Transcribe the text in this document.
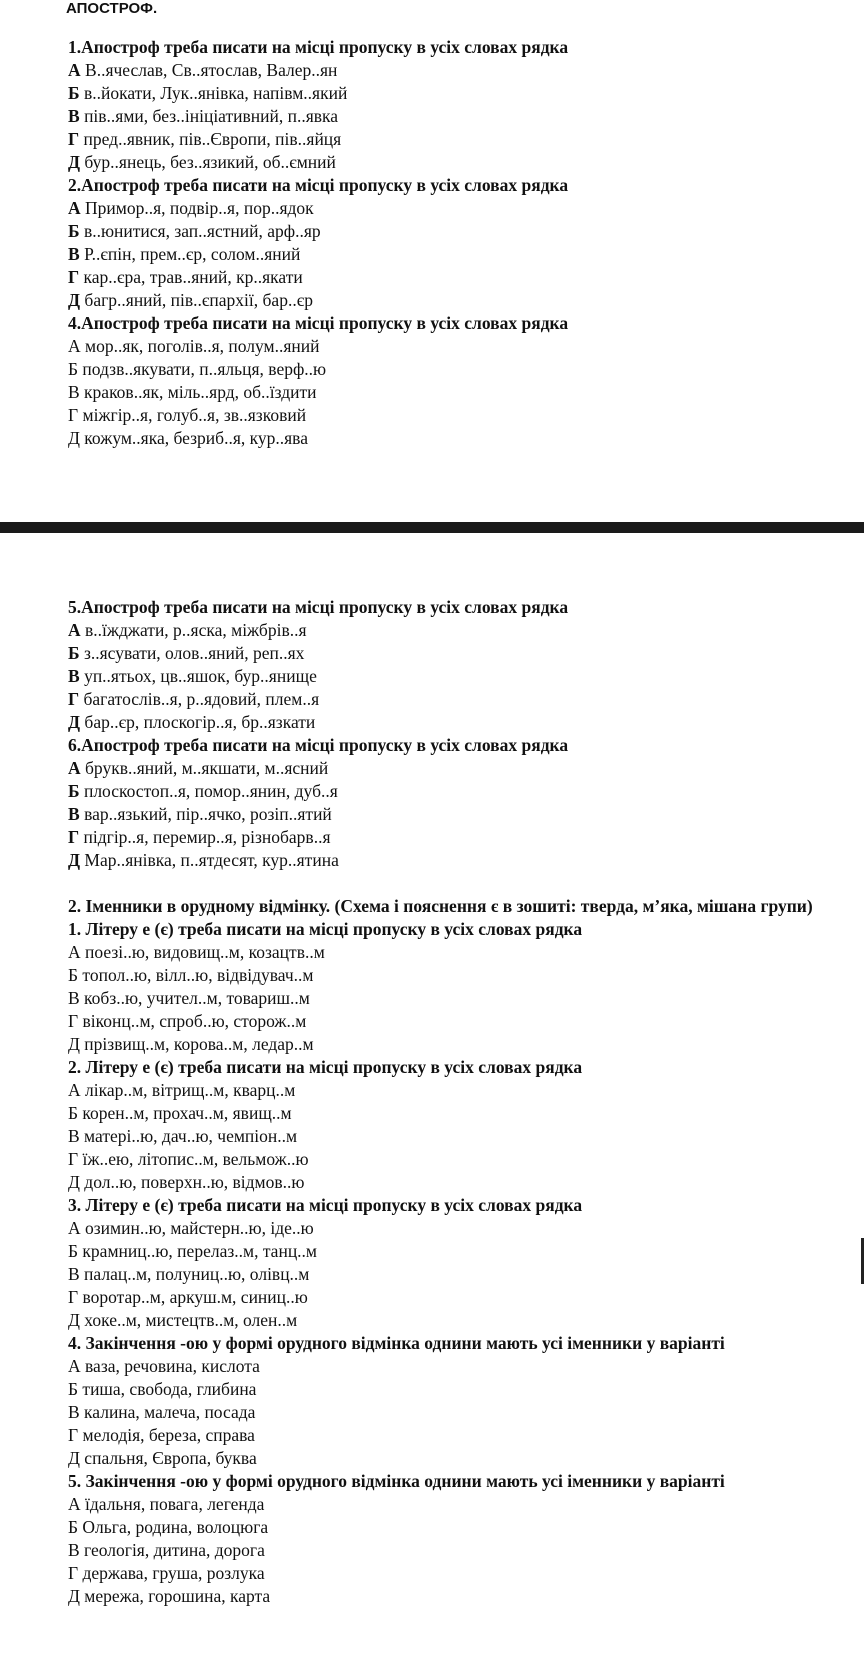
АПОСТРОФ.
1.Апостроф треба писати на місці пропуску в усіх словах рядка
А В..ячеслав, Св..ятослав, Валер..ян
Б в..йокати, Лук..янівка, напівм..який
В пів..ями, без..ініціативний, п..явка
Г пред..явник, пів..Європи, пів..яйця
Д бур..янець, без..язикий, об..ємний
2.Апостроф треба писати на місці пропуску в усіх словах рядка
А Примор..я, подвір..я, пор..ядок
Б в..юнитися, зап..ястний, арф..яр
В Р..єпін, прем..єр, солом..яний
Г кар..єра, трав..яний, кр..якати
Д багр..яний, пів..єпархії, бар..єр
4.Апостроф треба писати на місці пропуску в усіх словах рядка
А мор..як, поголів..я, полум..яний
Б подзв..якувати, п..яльця, верф..ю
В краков..як, міль..ярд, об..їздити
Г міжгір..я, голуб..я, зв..язковий
Д кожум..яка, безриб..я, кур..ява
5.Апостроф треба писати на місці пропуску в усіх словах рядка
А в..їжджати, р..яска, міжбрів..я
Б з..ясувати, олов..яний, реп..ях
В уп..ятьох, цв..яшок, бур..янище
Г багатослів..я, р..ядовий, плем..я
Д бар..єр, плоскогір..я, бр..язкати
6.Апостроф треба писати на місці пропуску в усіх словах рядка
А брукв..яний, м..якшати, м..ясний
Б плоскостоп..я, помор..янин, дуб..я
В вар..язький, пір..ячко, розіп..ятий
Г підгір..я, перемир..я, різнобарв..я
Д Мар..янівка, п..ятдесят, кур..ятина
2. Іменники в орудному відмінку. (Схема і пояснення є в зошиті: тверда, м’яка, мішана групи)
1. Літеру е (є) треба писати на місці пропуску в усіх словах рядка
А поезі..ю, видовищ..м, козацтв..м
Б топол..ю, вілл..ю, відвідувач..м
В кобз..ю, учител..м, товариш..м
Г віконц..м, спроб..ю, сторож..м
Д прізвищ..м, корова..м, ледар..м
2. Літеру е (є) треба писати на місці пропуску в усіх словах рядка
А лікар..м, вітрищ..м, кварц..м
Б корен..м, прохач..м, явищ..м
В матері..ю, дач..ю, чемпіон..м
Г їж..ею, літопис..м, вельмож..ю
Д дол..ю, поверхн..ю, відмов..ю
3. Літеру е (є) треба писати на місці пропуску в усіх словах рядка
А озимин..ю, майстерн..ю, іде..ю
Б крамниц..ю, перелаз..м, танц..м
В палац..м, полуниц..ю, олівц..м
Г воротар..м, аркуш.м, синиц..ю
Д хоке..м, мистецтв..м, олен..м
4. Закінчення -ою у формі орудного відмінка однини мають усі іменники у варіанті
А ваза, речовина, кислота
Б тиша, свобода, глибина
В калина, малеча, посада
Г мелодія, береза, справа
Д спальня, Європа, буква
5. Закінчення -ою у формі орудного відмінка однини мають усі іменники у варіанті
А їдальня, повага, легенда
Б Ольга, родина, волоцюга
В геологія, дитина, дорога
Г держава, груша, розлука
Д мережа, горошина, карта
